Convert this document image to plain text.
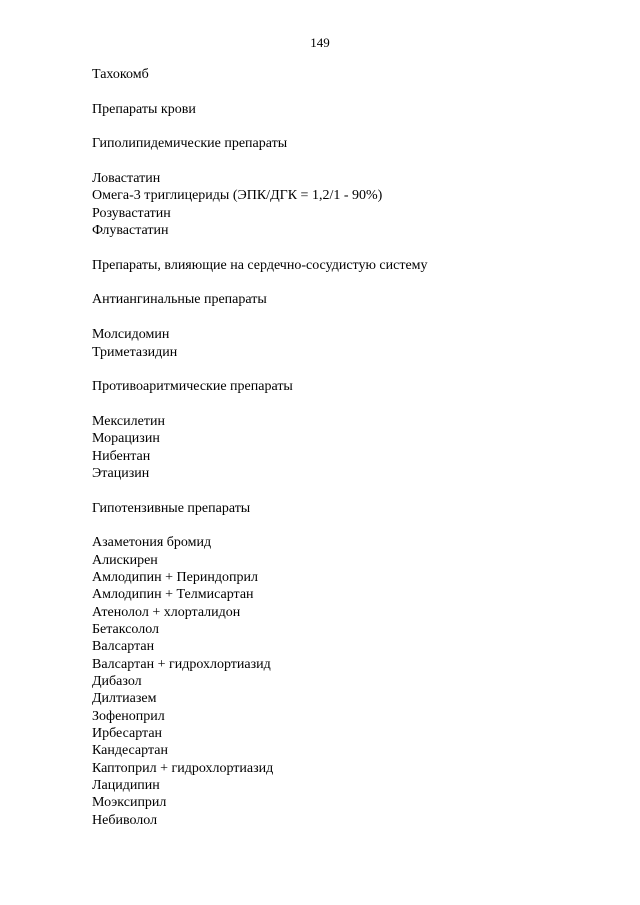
149
Тахокомб
Препараты крови
Гиполипидемические препараты
Ловастатин
Омега-3 триглицериды (ЭПК/ДГК = 1,2/1 - 90%)
Розувастатин
Флувастатин
Препараты, влияющие на сердечно-сосудистую систему
Антиангинальные препараты
Молсидомин
Триметазидин
Противоаритмические препараты
Мексилетин
Морацизин
Нибентан
Этацизин
Гипотензивные препараты
Азаметония бромид
Алискирен
Амлодипин + Периндоприл
Амлодипин + Телмисартан
Атенолол + хлорталидон
Бетаксолол
Валсартан
Валсартан + гидрохлортиазид
Дибазол
Дилтиазем
Зофеноприл
Ирбесартан
Кандесартан
Каптоприл + гидрохлортиазид
Лацидипин
Моэксиприл
Небиволол
